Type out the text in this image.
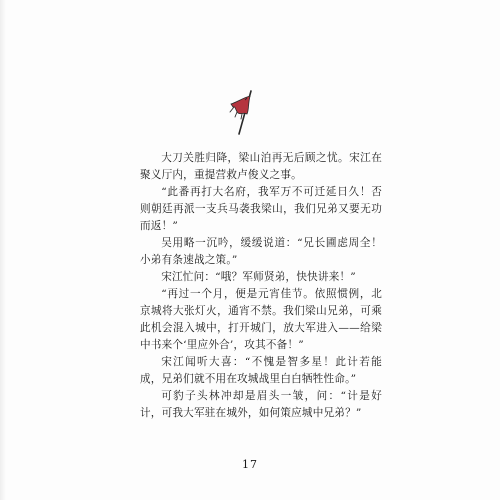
大刀关胜归降，梁山泊再无后顾之忧。宋江在聚义厅内，重提营救卢俊义之事。

“此番再打大名府，我军万不可迁延日久！否则朝廷再派一支兵马袭我梁山，我们兄弟又要无功而返！”

吴用略一沉吟，缓缓说道：“兄长圃虑周全！小弟有条速战之策。”

宋江忙问：“哦？军师贤弟，快快讲来！”

“再过一个月，便是元宵佳节。依照惯例，北京城将大张灯火，通宵不禁。我们梁山兄弟，可乘此机会混入城中，打开城门，放大军进入——给梁中书来个‘里应外合’，攻其不备！”

宋江闻听大喜：“不愧是智多星！此计若能成，兄弟们就不用在攻城战里白白牺牲性命。”

可豹子头林冲却是眉头一皱，问：“计是好计，可我大军驻在城外，如何策应城中兄弟？”

17
